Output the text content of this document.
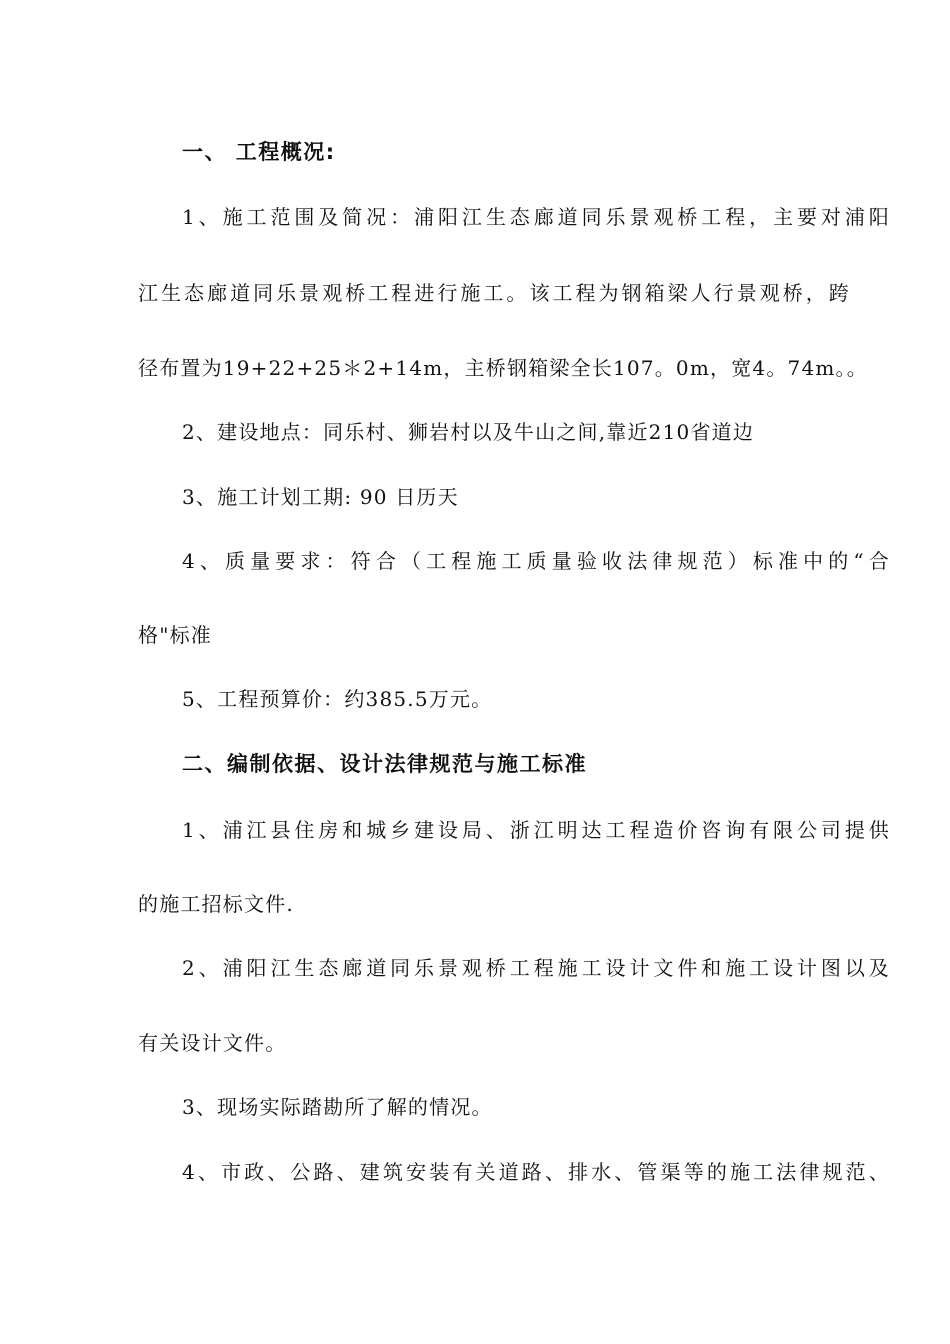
一、 工程概况:
1、施工范围及简况：浦阳江生态廊道同乐景观桥工程，主要对浦阳
江生态廊道同乐景观桥工程进行施工。该工程为钢箱梁人行景观桥，跨
径布置为19+22+25＊2+14m，主桥钢箱梁全长107。0m，宽4。74m。。
2、建设地点：同乐村、狮岩村以及牛山之间,靠近210省道边
3、施工计划工期: 90 日历天
4、质量要求：符合（工程施工质量验收法律规范）标准中的“合
格"标准
5、工程预算价：约385.5万元。
二、编制依据、设计法律规范与施工标准
1、浦江县住房和城乡建设局、浙江明达工程造价咨询有限公司提供
的施工招标文件.
2、浦阳江生态廊道同乐景观桥工程施工设计文件和施工设计图以及
有关设计文件。
3、现场实际踏勘所了解的情况。
4、市政、公路、建筑安装有关道路、排水、管渠等的施工法律规范、
